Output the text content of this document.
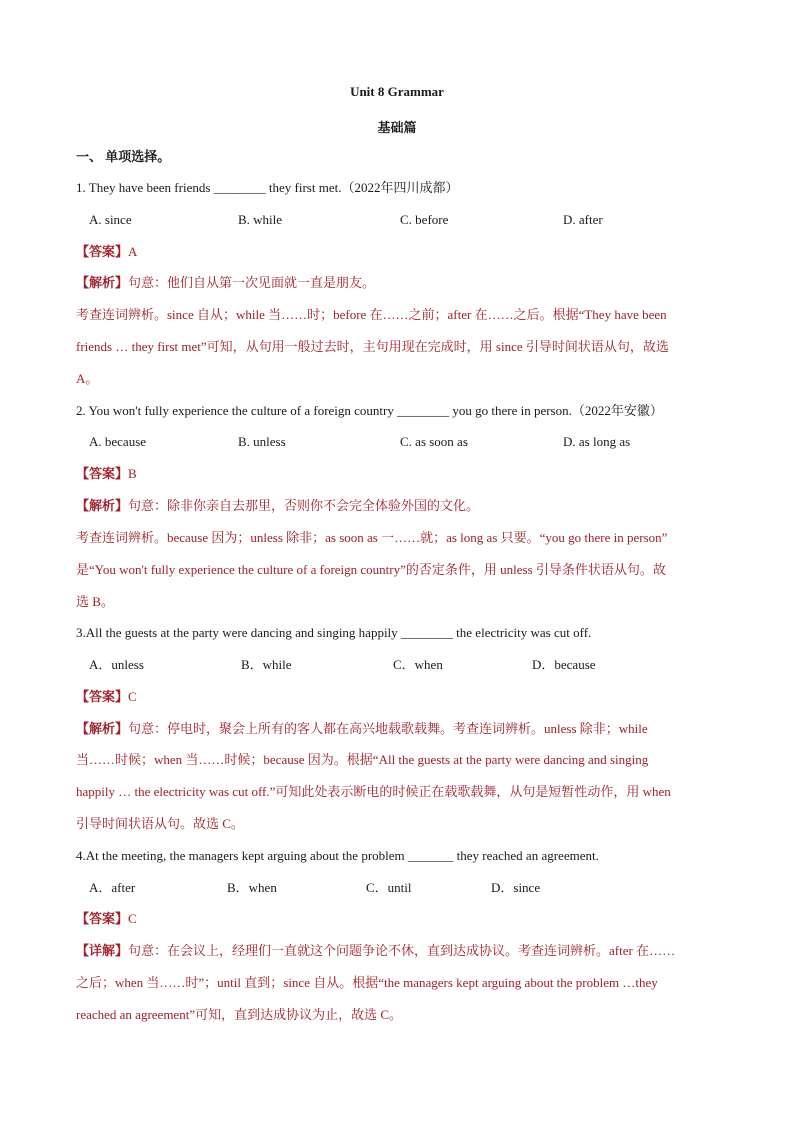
Unit 8 Grammar
基础篇
一、 单项选择。
1. They have been friends ________ they first met.（2022年四川成都）
A. since	B. while	C. before	D. after
【答案】A
【解析】句意：他们自从第一次见面就一直是朋友。
考查连词辨析。since 自从；while 当……时；before 在……之前；after 在……之后。根据“They have been
friends … they first met”可知，从句用一般过去时，主句用现在完成时，用 since 引导时间状语从句，故选
A。
2. You won't fully experience the culture of a foreign country ________ you go there in person.（2022年安徽）
A. because	B. unless	C. as soon as	D. as long as
【答案】B
【解析】句意：除非你亲自去那里，否则你不会完全体验外国的文化。
考查连词辨析。because 因为；unless 除非；as soon as 一……就；as long as 只要。“you go there in person”
是“You won't fully experience the culture of a foreign country”的否定条件，用 unless 引导条件状语从句。故
选 B。
3.All the guests at the party were dancing and singing happily ________ the electricity was cut off.
A．unless	B．while	C．when	D．because
【答案】C
【解析】句意：停电时，聚会上所有的客人都在高兴地载歌载舞。考查连词辨析。unless 除非；while
当……时候；when 当……时候；because 因为。根据“All the guests at the party were dancing and singing
happily … the electricity was cut off.”可知此处表示断电的时候正在载歌载舞，从句是短暂性动作，用 when
引导时间状语从句。故选 C。
4.At the meeting, the managers kept arguing about the problem _______ they reached an agreement.
A．after	B．when	C．until	D．since
【答案】C
【详解】句意：在会议上，经理们一直就这个问题争论不休，直到达成协议。考查连词辨析。after 在……
之后；when 当……时”；until 直到；since 自从。根据“the managers kept arguing about the problem …they
reached an agreement”可知，直到达成协议为止，故选 C。
